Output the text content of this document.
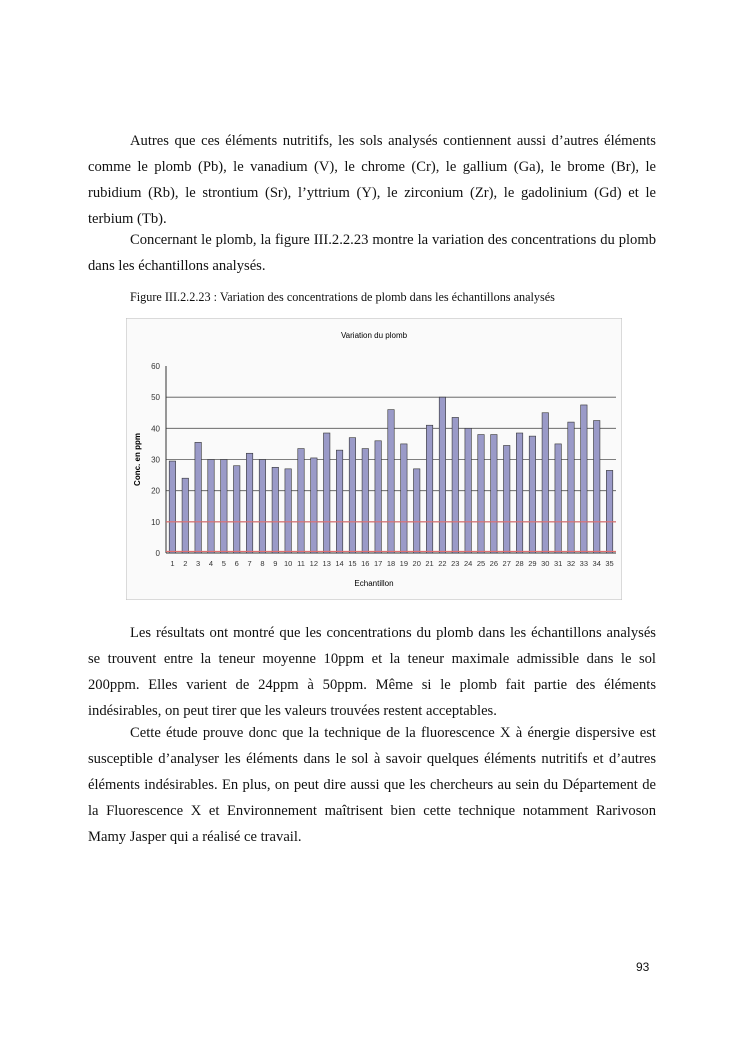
Autres que ces éléments nutritifs, les sols analysés contiennent aussi d’autres éléments comme le plomb (Pb), le vanadium (V), le chrome (Cr), le gallium (Ga), le brome (Br), le rubidium (Rb), le strontium (Sr), l’yttrium (Y), le zirconium (Zr), le gadolinium (Gd) et le terbium (Tb).

Concernant le plomb, la figure III.2.2.23 montre la variation des concentrations du plomb dans les échantillons analysés.

Figure III.2.2.23 : Variation des concentrations de plomb dans les échantillons analysés
Variation du plomb
0
10
20
30
40
50
60
1 2 3 4 5 6 7 8 9 10 11 12 13 14 15 16 17 18 19 20 21 22 23 24 25 26 27 28 29 30 31 32 33 34 35
Echantillon
Conc. en ppm

Les résultats ont montré que les concentrations du plomb dans les échantillons analysés se trouvent entre la teneur moyenne 10ppm et la teneur maximale admissible dans le sol 200ppm. Elles varient de 24ppm à 50ppm. Même si le plomb fait partie des éléments indésirables, on peut tirer que les valeurs trouvées restent acceptables.

Cette étude prouve donc que la technique de la fluorescence X à énergie dispersive est susceptible d’analyser les éléments dans le sol à savoir quelques éléments nutritifs et d’autres éléments indésirables. En plus, on peut dire aussi que les chercheurs au sein du Département de la Fluorescence X et Environnement maîtrisent bien cette technique notamment Rarivoson Mamy Jasper qui a réalisé ce travail.

93
